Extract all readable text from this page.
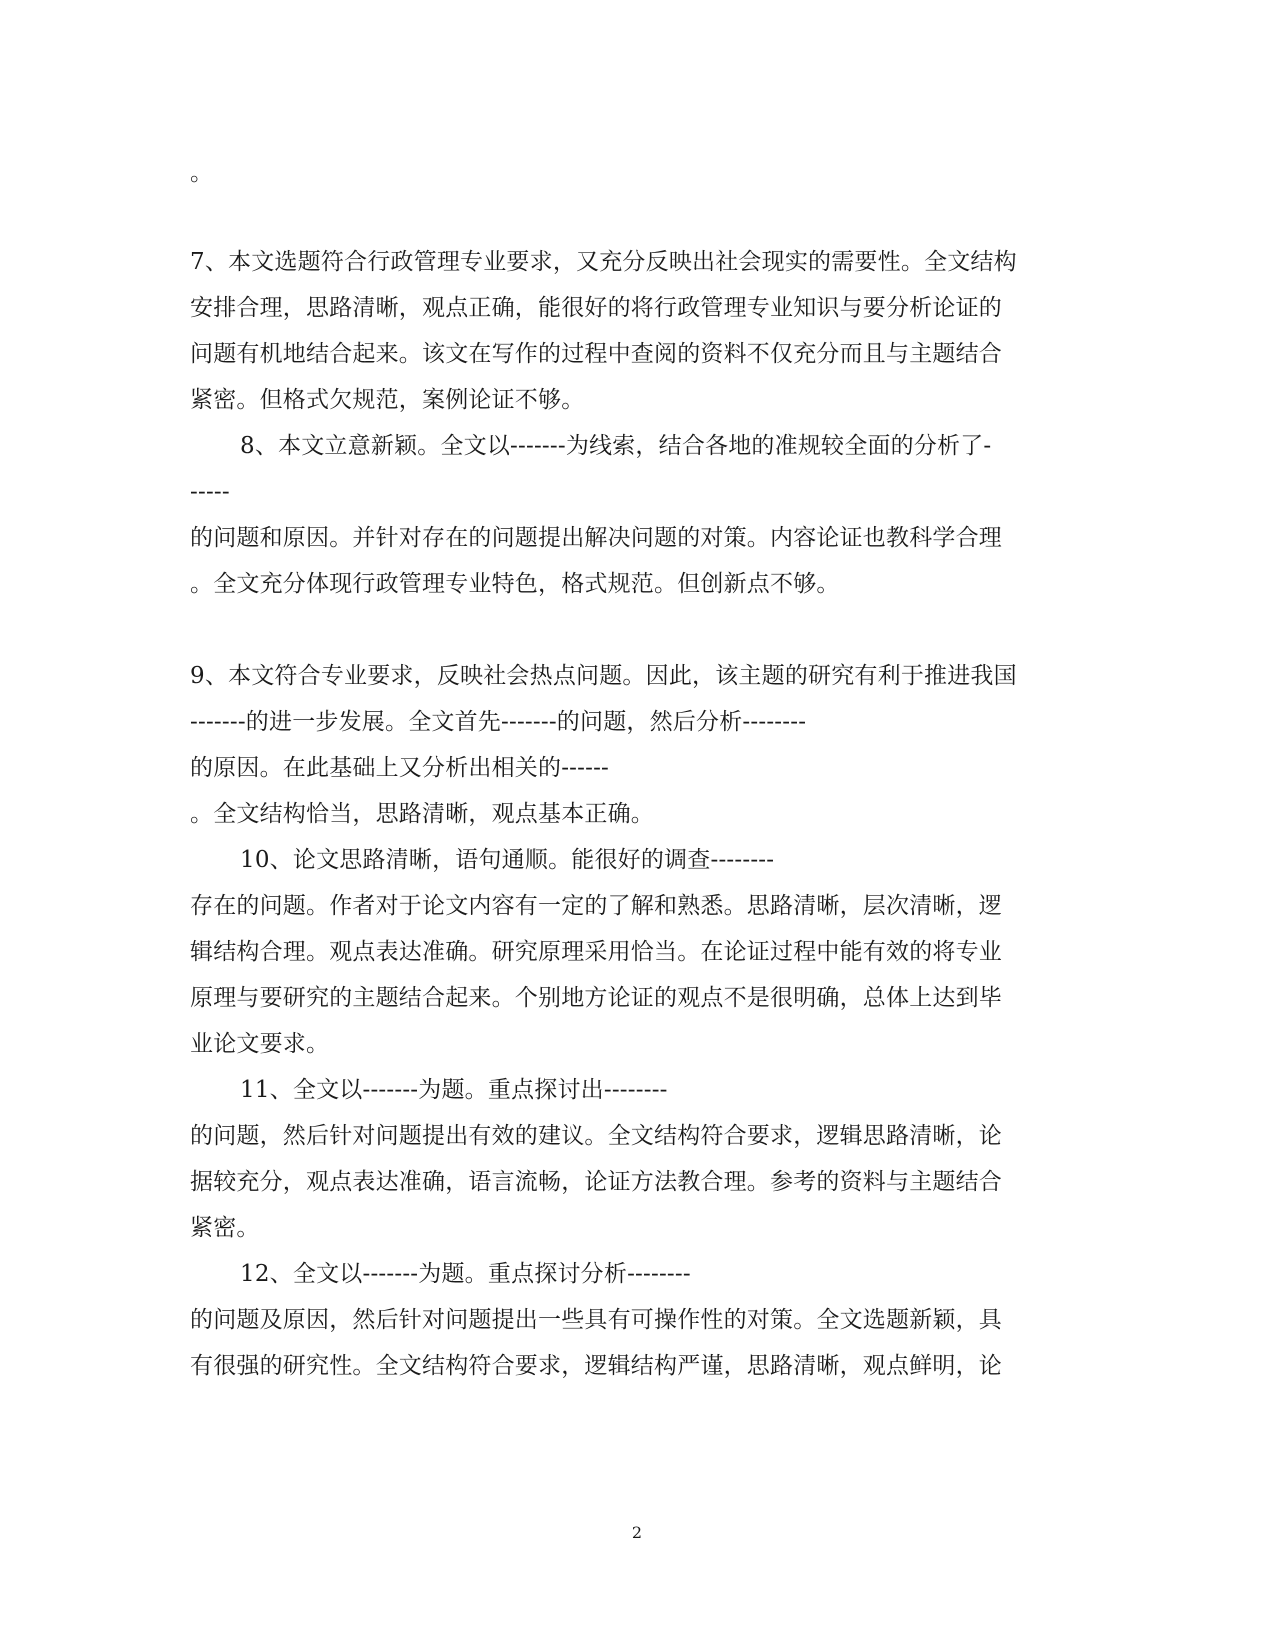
。
7、本文选题符合行政管理专业要求，又充分反映出社会现实的需要性。全文结构
安排合理，思路清晰，观点正确，能很好的将行政管理专业知识与要分析论证的
问题有机地结合起来。该文在写作的过程中查阅的资料不仅充分而且与主题结合
紧密。但格式欠规范，案例论证不够。
8、本文立意新颖。全文以-------为线索，结合各地的准规较全面的分析了-
-----
的问题和原因。并针对存在的问题提出解决问题的对策。内容论证也教科学合理
。全文充分体现行政管理专业特色，格式规范。但创新点不够。
9、本文符合专业要求，反映社会热点问题。因此，该主题的研究有利于推进我国
-------的进一步发展。全文首先-------的问题，然后分析--------
的原因。在此基础上又分析出相关的------
。全文结构恰当，思路清晰，观点基本正确。
10、论文思路清晰，语句通顺。能很好的调查--------
存在的问题。作者对于论文内容有一定的了解和熟悉。思路清晰，层次清晰，逻
辑结构合理。观点表达准确。研究原理采用恰当。在论证过程中能有效的将专业
原理与要研究的主题结合起来。个别地方论证的观点不是很明确，总体上达到毕
业论文要求。
11、全文以-------为题。重点探讨出--------
的问题，然后针对问题提出有效的建议。全文结构符合要求，逻辑思路清晰，论
据较充分，观点表达准确，语言流畅，论证方法教合理。参考的资料与主题结合
紧密。
12、全文以-------为题。重点探讨分析--------
的问题及原因，然后针对问题提出一些具有可操作性的对策。全文选题新颖，具
有很强的研究性。全文结构符合要求，逻辑结构严谨，思路清晰，观点鲜明，论
2
